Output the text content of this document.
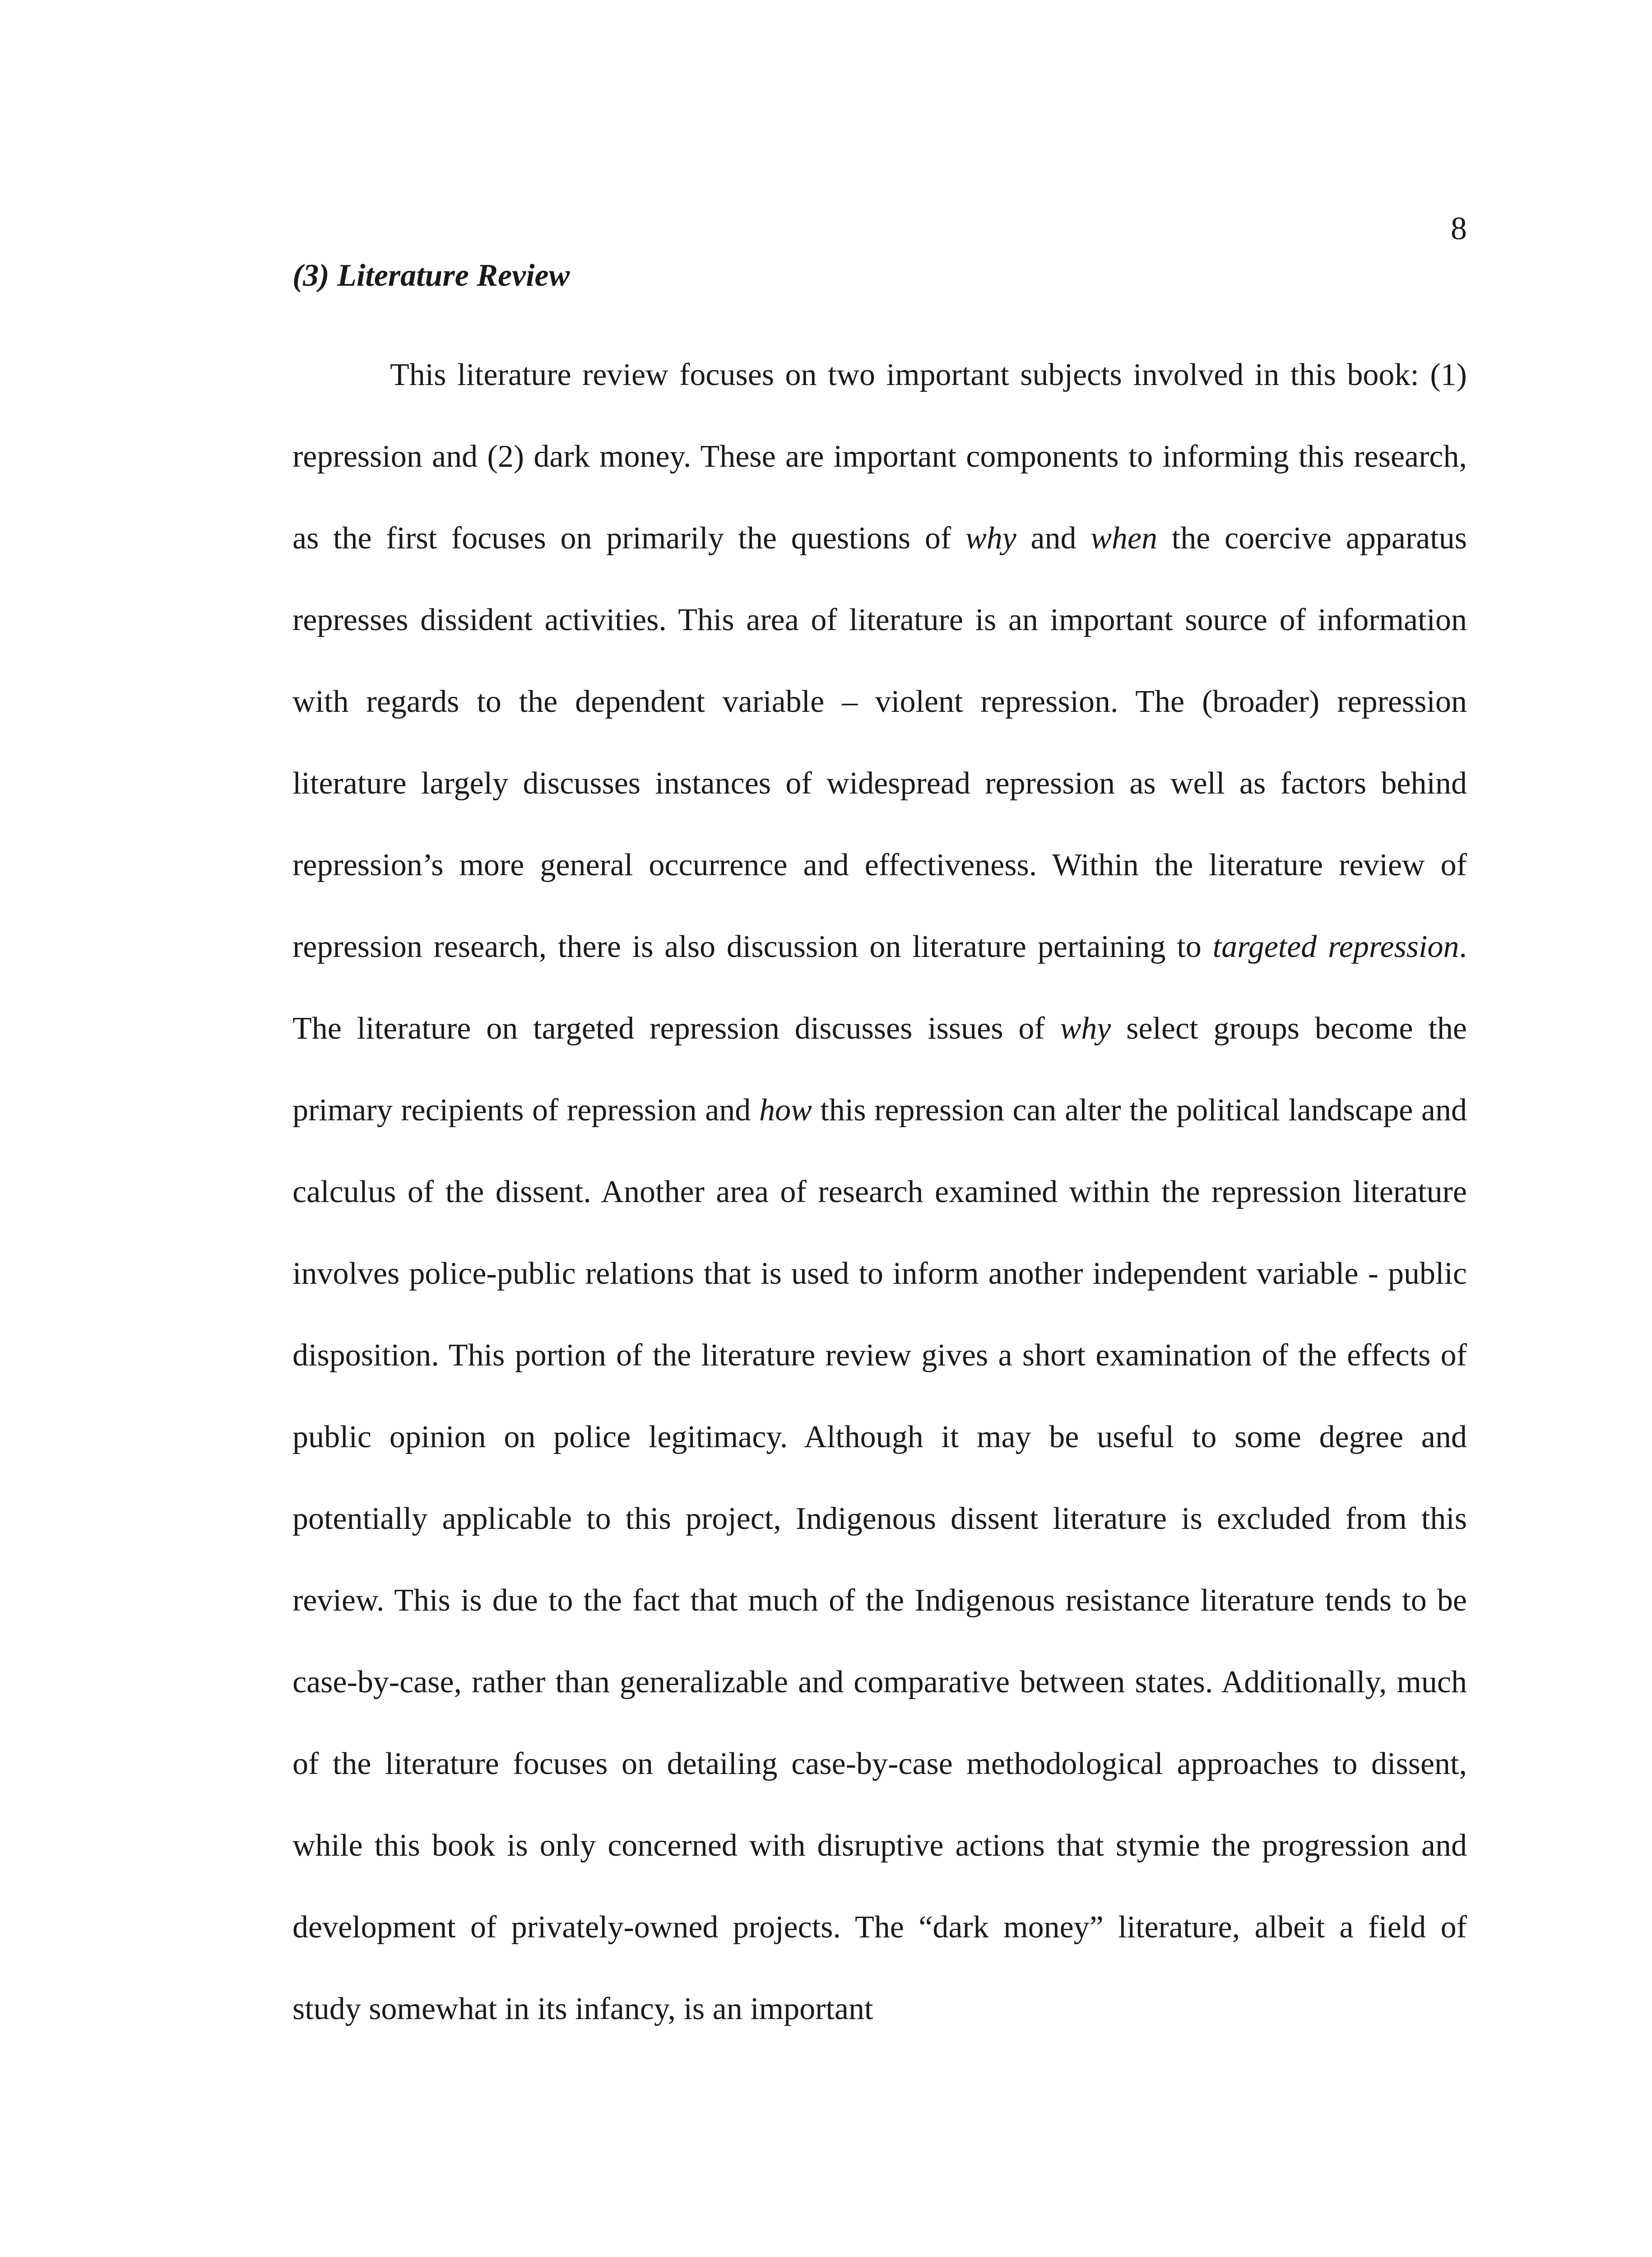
8
(3) Literature Review

This literature review focuses on two important subjects involved in this book: (1) repression and (2) dark money. These are important components to informing this research, as the first focuses on primarily the questions of why and when the coercive apparatus represses dissident activities. This area of literature is an important source of information with regards to the dependent variable – violent repression. The (broader) repression literature largely discusses instances of widespread repression as well as factors behind repression’s more general occurrence and effectiveness. Within the literature review of repression research, there is also discussion on literature pertaining to targeted repression. The literature on targeted repression discusses issues of why select groups become the primary recipients of repression and how this repression can alter the political landscape and calculus of the dissent. Another area of research examined within the repression literature involves police-public relations that is used to inform another independent variable - public disposition. This portion of the literature review gives a short examination of the effects of public opinion on police legitimacy. Although it may be useful to some degree and potentially applicable to this project, Indigenous dissent literature is excluded from this review. This is due to the fact that much of the Indigenous resistance literature tends to be case-by-case, rather than generalizable and comparative between states. Additionally, much of the literature focuses on detailing case-by-case methodological approaches to dissent, while this book is only concerned with disruptive actions that stymie the progression and development of privately-owned projects. The “dark money” literature, albeit a field of study somewhat in its infancy, is an important
